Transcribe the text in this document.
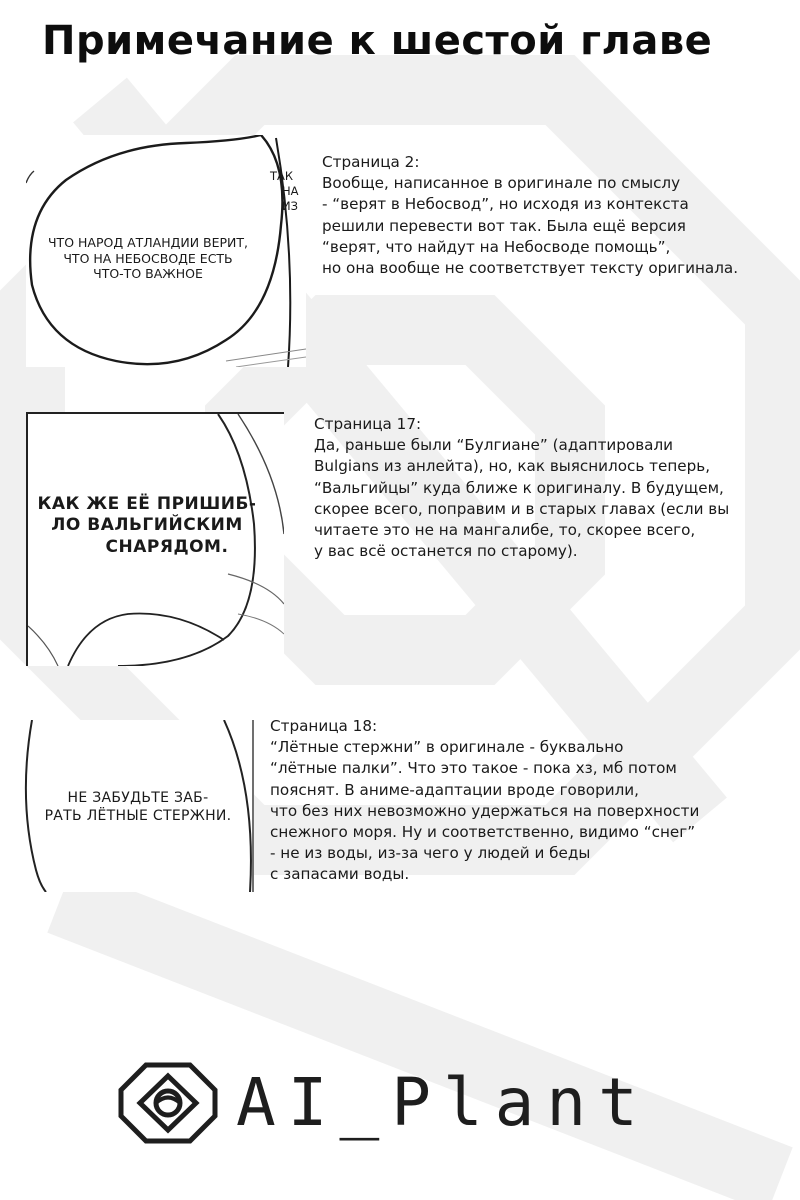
Примечание к шестой главе
ЧТО НАРОД АТЛАНДИИ ВЕРИТ,
ЧТО НА НЕБОСВОДЕ ЕСТЬ
ЧТО-ТО ВАЖНОЕ
ТАК
НА
ИЗ
Страница 2:
Вообще, написанное в оригинале по смыслу
- “верят в Небосвод”, но исходя из контекста
решили перевести вот так. Была ещё версия
“верят, что найдут на Небосводе помощь”,
но она вообще не соответствует тексту оригинала.
КАК ЖЕ ЕЁ ПРИШИБ-
ЛО ВАЛЬГИЙСКИМ
СНАРЯДОМ.
Страница 17:
Да, раньше были “Булгиане” (адаптировали
Bulgians из анлейта), но, как выяснилось теперь,
“Вальгийцы” куда ближе к оригиналу. В будущем,
скорее всего, поправим и в старых главах (если вы
читаете это не на мангалибе, то, скорее всего,
у вас всё останется по старому).
НЕ ЗАБУДЬТЕ ЗАБ-
РАТЬ ЛЁТНЫЕ СТЕРЖНИ.
Страница 18:
“Лётные стержни” в оригинале - буквально
“лётные палки”. Что это такое - пока хз, мб потом
пояснят. В аниме-адаптации вроде говорили,
что без них невозможно удержаться на поверхности
снежного моря. Ну и соответственно, видимо “снег”
- не из воды, из-за чего у людей и беды
с запасами воды.

AI_Plant
